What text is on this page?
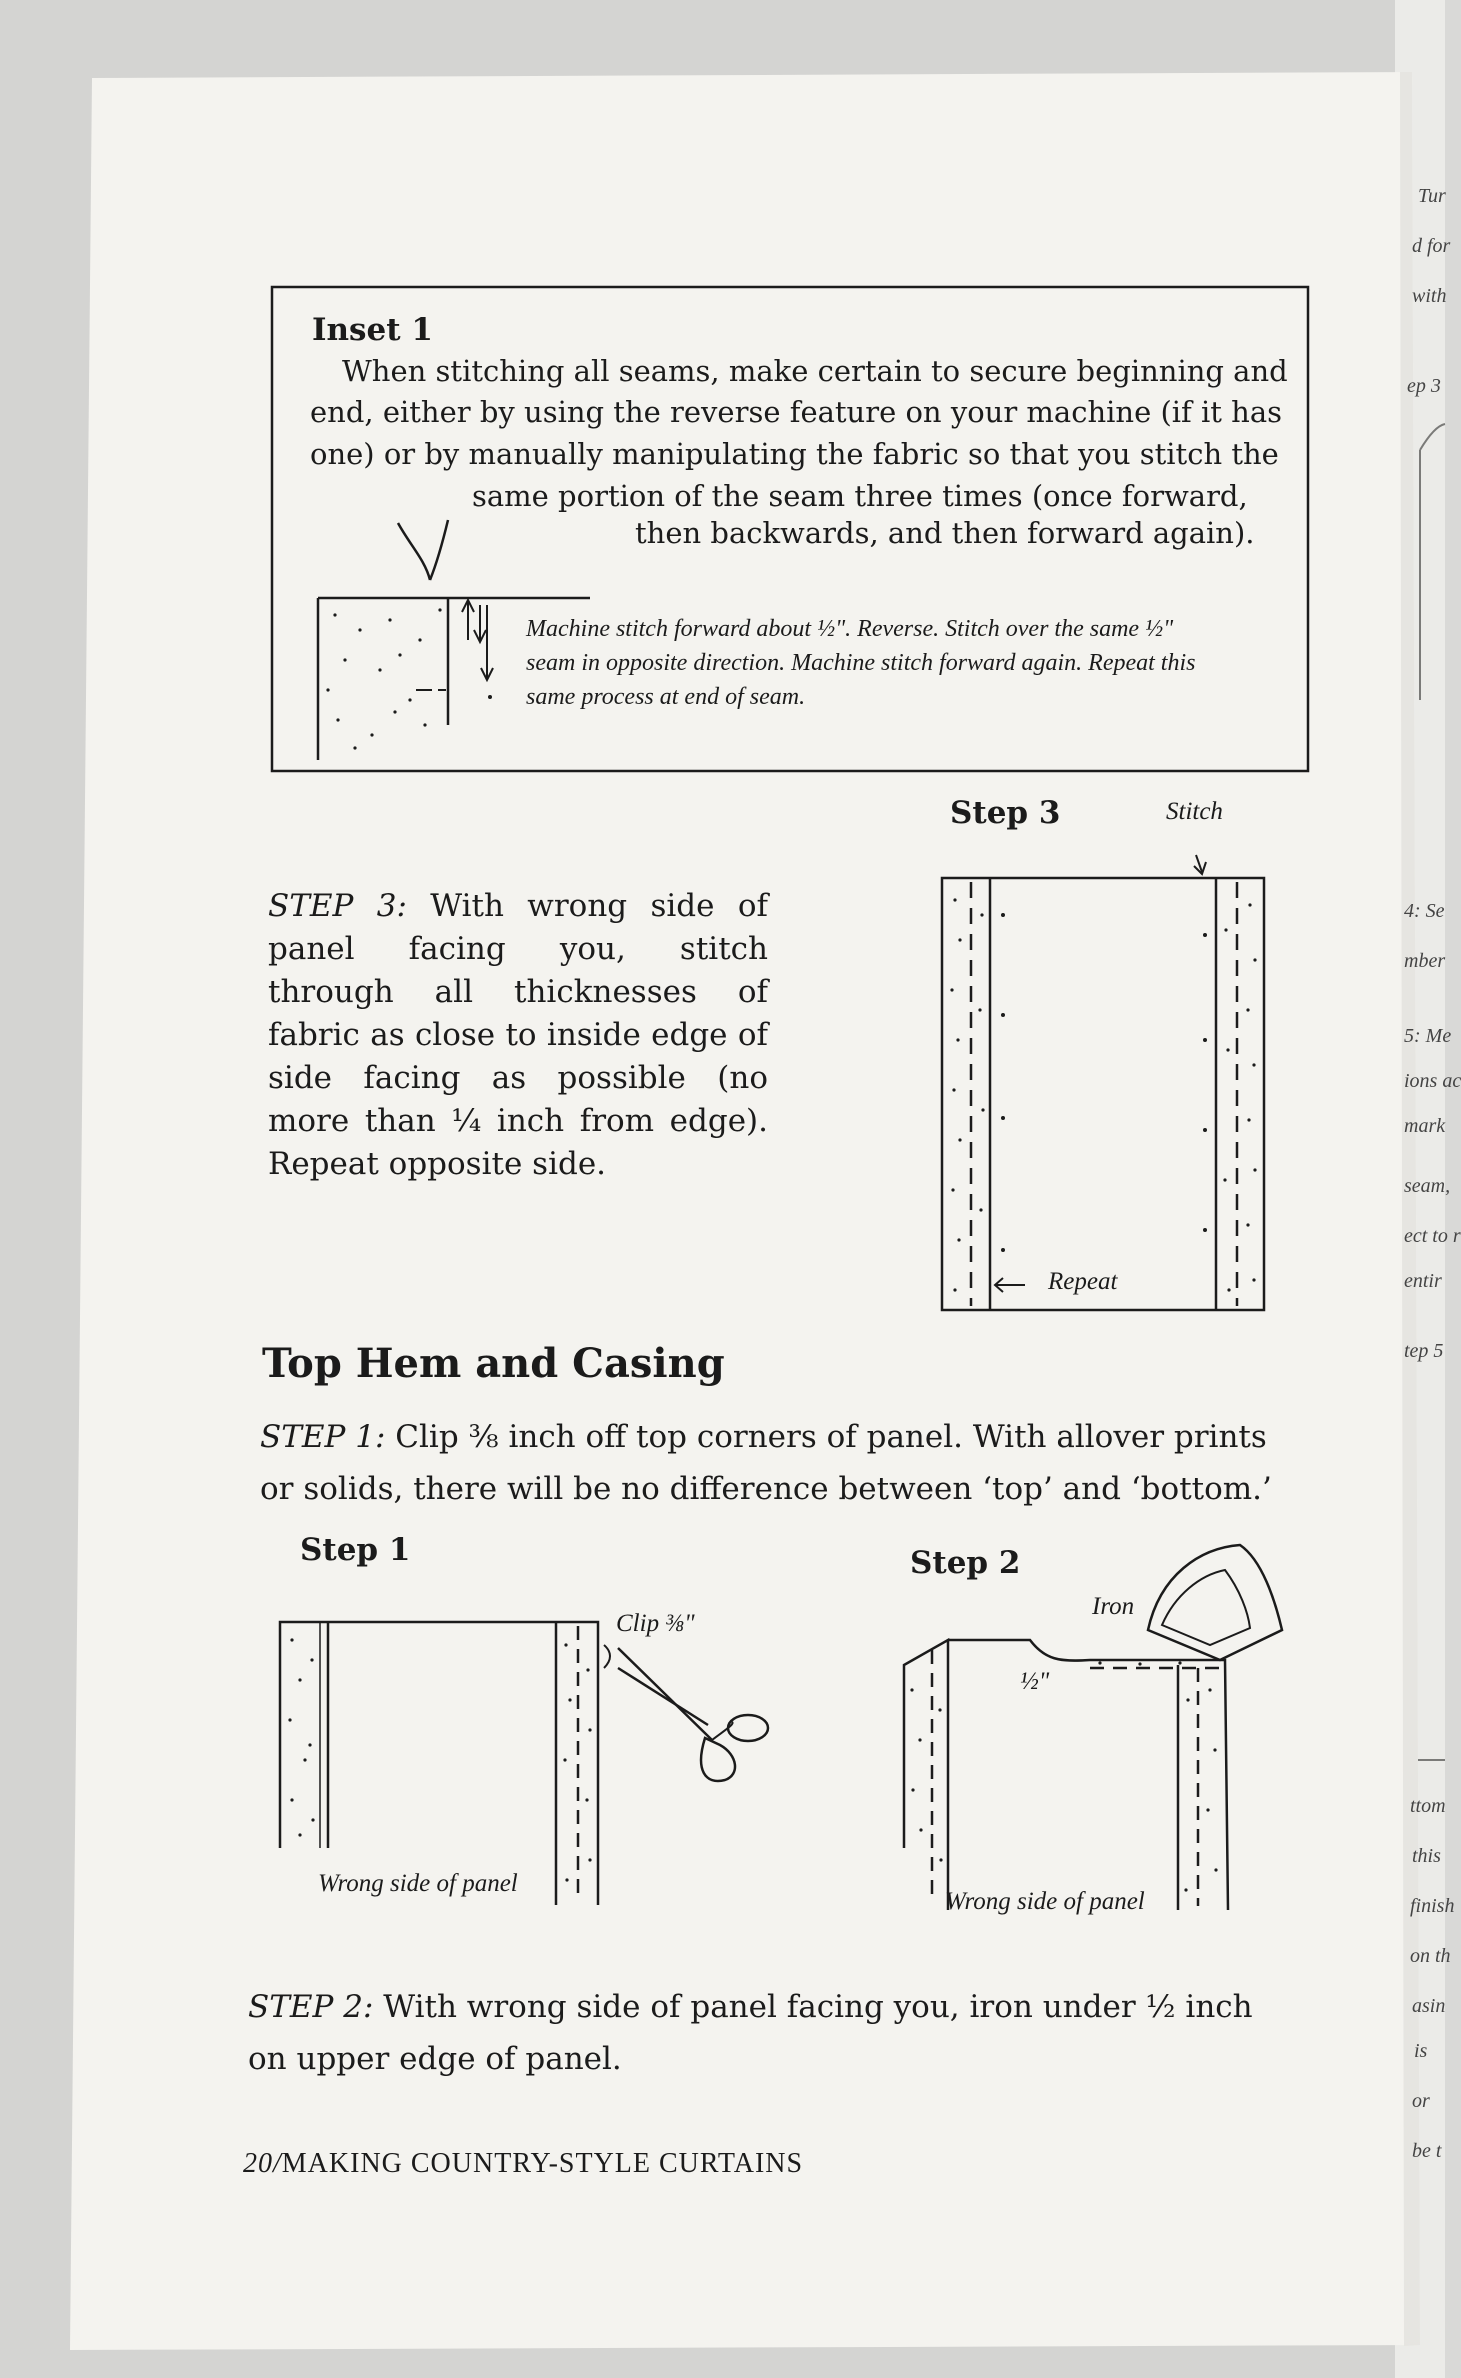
Inset 1
When stitching all seams, make certain to secure beginning and
end, either by using the reverse feature on your machine (if it has
one) or by manually manipulating the fabric so that you stitch the
same portion of the seam three times (once forward,
then backwards, and then forward again).
Machine stitch forward about ½". Reverse. Stitch over the same ½"
seam in opposite direction. Machine stitch forward again. Repeat this
same process at end of seam.
STEP 3: With wrong side of panel facing you, stitch through all thicknesses of fabric as close to inside edge of side facing as possible (no more than ¼ inch from edge). Repeat opposite side.
Step 3	Stitch
Repeat
Top Hem and Casing
STEP 1: Clip ⅜ inch off top corners of panel. With allover prints
or solids, there will be no difference between ‘top’ and ‘bottom.’
Step 1
Clip ⅜"
Wrong side of panel
Step 2
Iron
½"
Wrong side of panel
STEP 2: With wrong side of panel facing you, iron under ½ inch
on upper edge of panel.
20/MAKING COUNTRY-STYLE CURTAINS
Tur
d for
with
ep 3
4: Se
mber
5: Me
ions ac
mark
seam,
ect to r
entir
tep 5
ttom
this
finish
on th
asin
is
or
be t
